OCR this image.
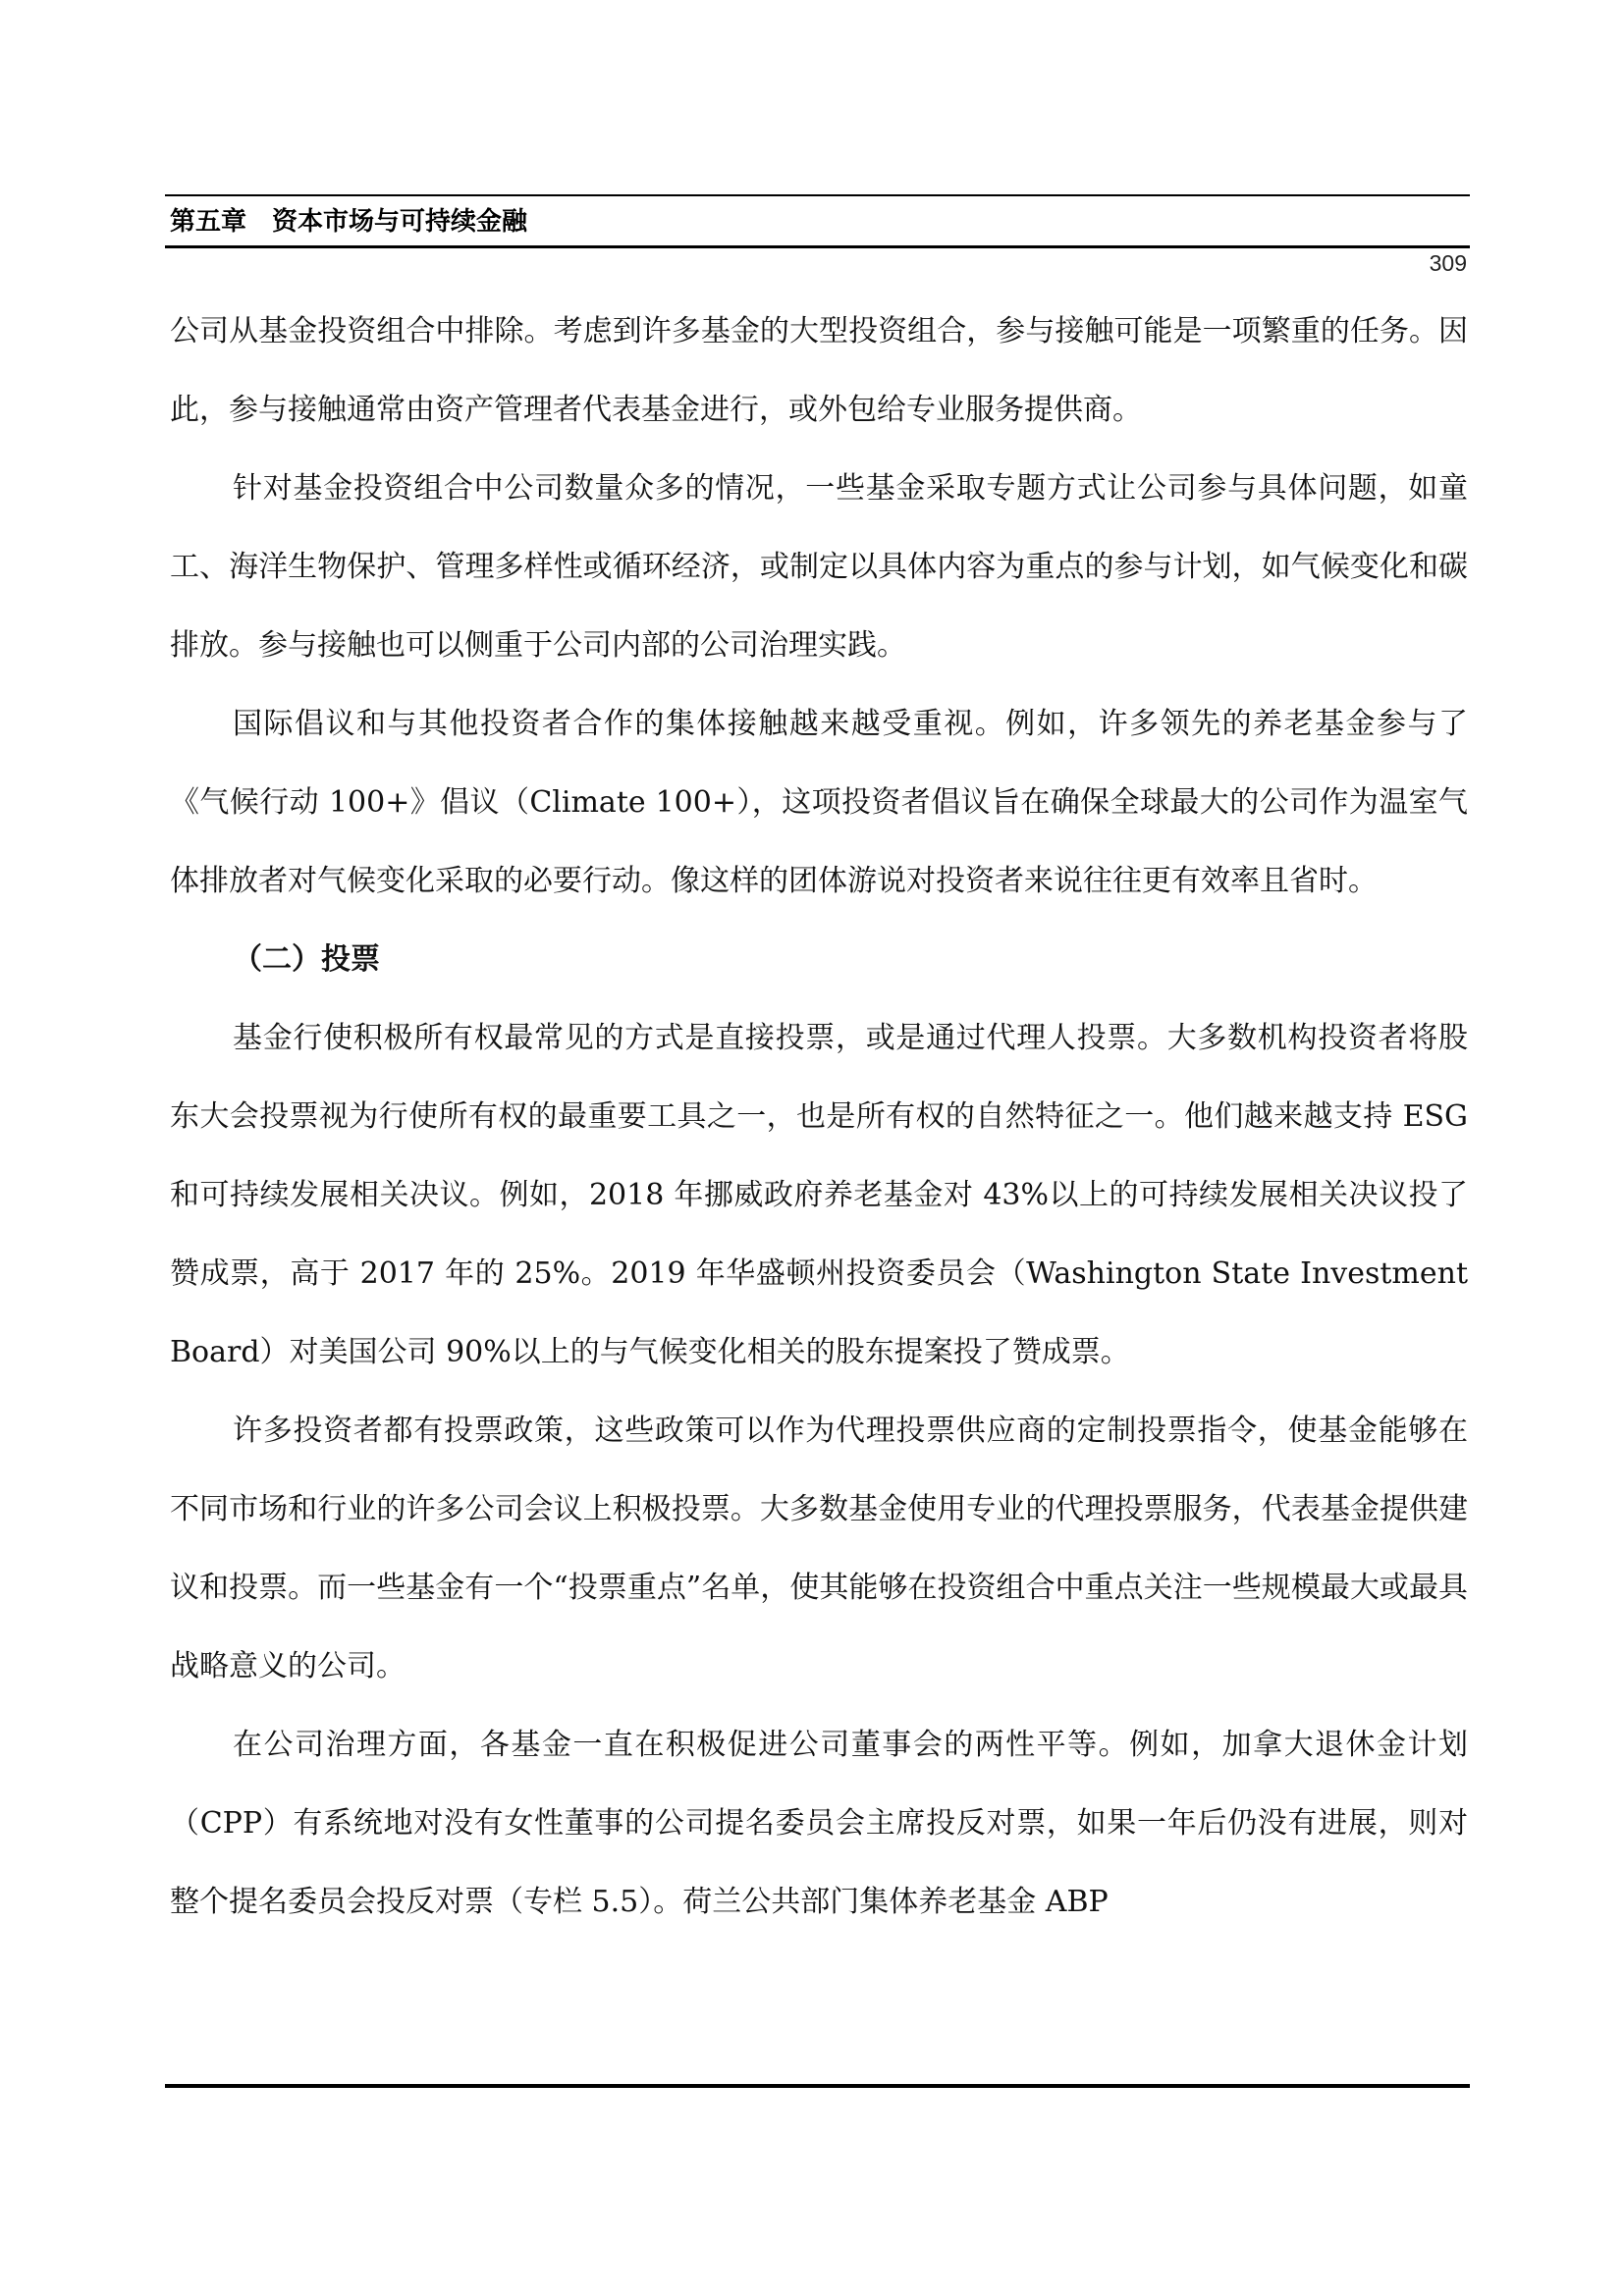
第五章　资本市场与可持续金融
309

公司从基金投资组合中排除。考虑到许多基金的大型投资组合，参与接触可能是一项繁重的任务。因此，参与接触通常由资产管理者代表基金进行，或外包给专业服务提供商。

针对基金投资组合中公司数量众多的情况，一些基金采取专题方式让公司参与具体问题，如童工、海洋生物保护、管理多样性或循环经济，或制定以具体内容为重点的参与计划，如气候变化和碳排放。参与接触也可以侧重于公司内部的公司治理实践。

国际倡议和与其他投资者合作的集体接触越来越受重视。例如，许多领先的养老基金参与了《气候行动 100+》倡议（Climate 100+），这项投资者倡议旨在确保全球最大的公司作为温室气体排放者对气候变化采取的必要行动。像这样的团体游说对投资者来说往往更有效率且省时。

（二）投票

基金行使积极所有权最常见的方式是直接投票，或是通过代理人投票。大多数机构投资者将股东大会投票视为行使所有权的最重要工具之一，也是所有权的自然特征之一。他们越来越支持 ESG 和可持续发展相关决议。例如，2018 年挪威政府养老基金对 43%以上的可持续发展相关决议投了赞成票，高于 2017 年的 25%。2019 年华盛顿州投资委员会（Washington State Investment Board）对美国公司 90%以上的与气候变化相关的股东提案投了赞成票。

许多投资者都有投票政策，这些政策可以作为代理投票供应商的定制投票指令，使基金能够在不同市场和行业的许多公司会议上积极投票。大多数基金使用专业的代理投票服务，代表基金提供建议和投票。而一些基金有一个“投票重点”名单，使其能够在投资组合中重点关注一些规模最大或最具战略意义的公司。

在公司治理方面，各基金一直在积极促进公司董事会的两性平等。例如，加拿大退休金计划（CPP）有系统地对没有女性董事的公司提名委员会主席投反对票，如果一年后仍没有进展，则对整个提名委员会投反对票（专栏 5.5）。荷兰公共部门集体养老基金 ABP
